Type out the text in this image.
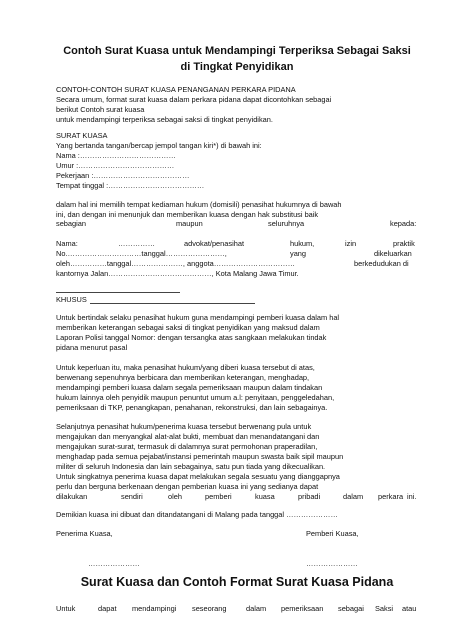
Contoh Surat Kuasa untuk Mendampingi Terperiksa Sebagai Saksi
di Tingkat Penyidikan
CONTOH-CONTOH SURAT KUASA PENANGANAN PERKARA PIDANA
Secara umum, format surat kuasa dalam perkara pidana dapat dicontohkan sebagai
berikut Contoh surat kuasa
untuk mendampingi terperiksa sebagai saksi di tingkat penyidikan.
SURAT KUASA
Yang bertanda tangan/bercap jempol tangan kiri*) di bawah ini:
Nama :…………………………………
Umur :…………………………………
Pekerjaan :…………………………………
Tempat tinggal :…………………………………
dalam hal ini memilih tempat kediaman hukum (domisili) penasihat hukumnya di bawah
ini, dan dengan ini menunjuk dan memberikan kuasa dengan hak substitusi baik
sebagian	maupun	seluruhnya	kepada:
Nama:	……………	advokat/penasihat	hukum,	izin	praktik
No.…………………………tanggal……………………,	yang	dikeluarkan
oleh……………tanggal…………………, anggota……………………………	berkedudukan di
kantornya Jalan……………………………………, Kota Malang Jawa Timur.
KHUSUS
Untuk bertindak selaku penasihat hukum guna mendampingi pemberi kuasa dalam hal
memberikan keterangan sebagai saksi di tingkat penyidikan yang maksud dalam
Laporan Polisi tanggal Nomor: dengan tersangka atas sangkaan melakukan tindak
pidana menurut pasal
Untuk keperluan itu, maka penasihat hukum/yang diberi kuasa tersebut di atas,
berwenang sepenuhnya berbicara dan memberikan keterangan, menghadap,
mendampingi pemberi kuasa dalam segala pemeriksaan maupun dalam tindakan
hukum lainnya oleh penyidik maupun penuntut umum a.l: penyitaan, penggeledahan,
pemeriksaan di TKP, penangkapan, penahanan, rekonstruksi, dan lain sebagainya.
Selanjutnya penasihat hukum/penerima kuasa tersebut berwenang pula untuk
mengajukan dan menyangkal alat-alat bukti, membuat dan menandatangani dan
mengajukan surat-surat, termasuk di dalamnya surat permohonan praperadilan,
menghadap pada semua pejabat/instansi pemerintah maupun swasta baik sipil maupun
militer di seluruh Indonesia dan lain sebagainya, satu pun tiada yang dikecualikan.
Untuk singkatnya penerima kuasa dapat melakukan segala sesuatu yang dianggapnya
perlu dan berguna berkenaan dengan pemberian kuasa ini yang sedianya dapat
dilakukan	sendiri	oleh	pemberi	kuasa	pribadi	dalam perkara ini.
Demikian kuasa ini dibuat dan ditandatangani di Malang pada tanggal …………………
Penerima Kuasa,	Pemberi Kuasa,
…………………	…………………
Surat Kuasa dan Contoh Format Surat Kuasa Pidana
Untuk	dapat mendampingi seseorang	dalam pemeriksaan sebagai Saksi atau
